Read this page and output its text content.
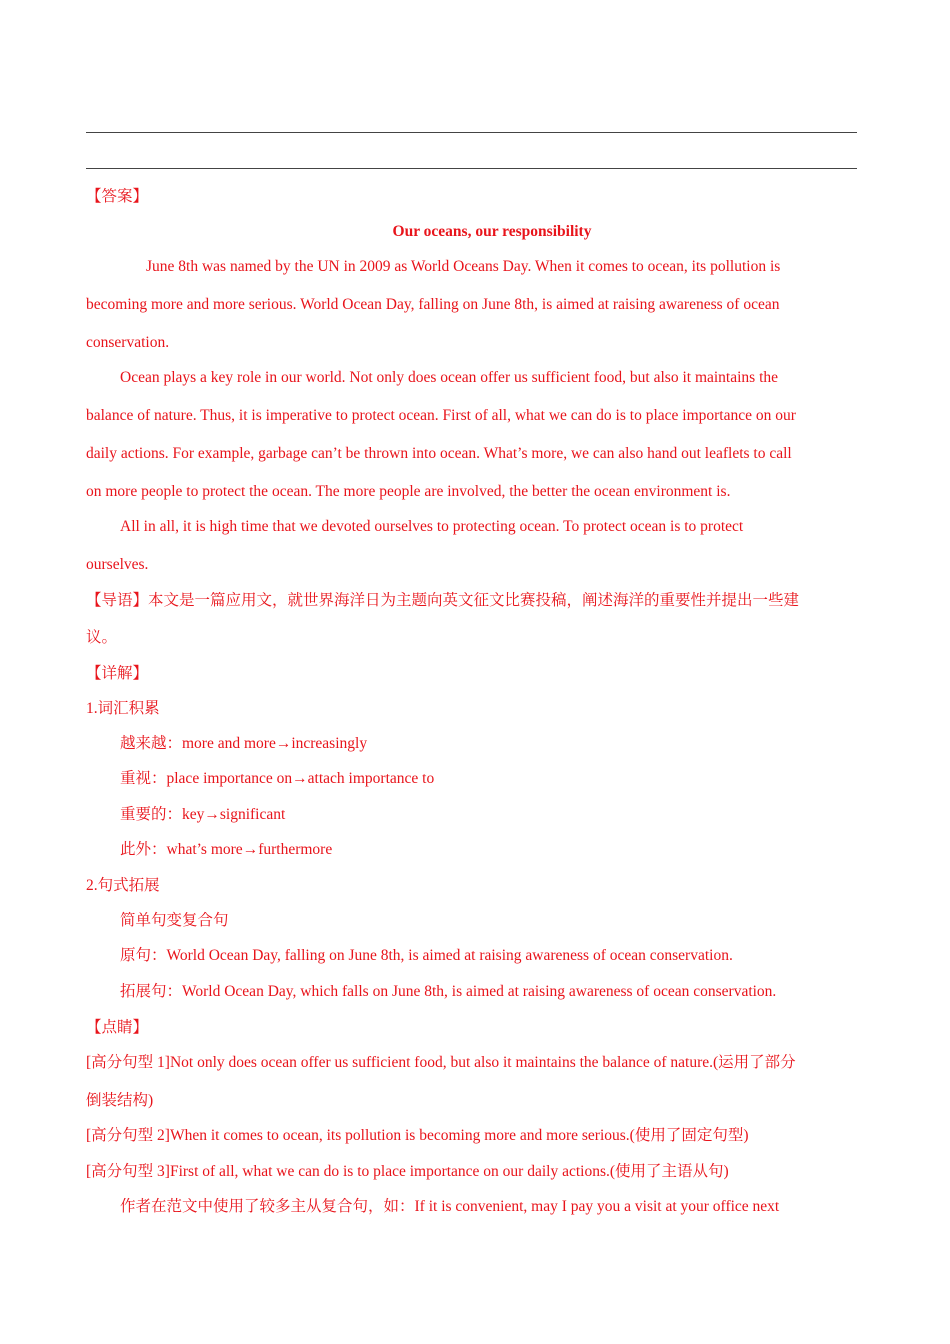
【答案】
Our oceans, our responsibility
June 8th was named by the UN in 2009 as World Oceans Day. When it comes to ocean, its pollution is
becoming more and more serious. World Ocean Day, falling on June 8th, is aimed at raising awareness of ocean
conservation.
Ocean plays a key role in our world. Not only does ocean offer us sufficient food, but also it maintains the
balance of nature. Thus, it is imperative to protect ocean. First of all, what we can do is to place importance on our
daily actions. For example, garbage can’t be thrown into ocean. What’s more, we can also hand out leaflets to call
on more people to protect the ocean. The more people are involved, the better the ocean environment is.
All in all, it is high time that we devoted ourselves to protecting ocean. To protect ocean is to protect
ourselves.
【导语】本文是一篇应用文，就世界海洋日为主题向英文征文比赛投稿，阐述海洋的重要性并提出一些建
议。
【详解】
1.词汇积累
越来越：more and more→increasingly
重视：place importance on→attach importance to
重要的：key→significant
此外：what’s more→furthermore
2.句式拓展
简单句变复合句
原句：World Ocean Day, falling on June 8th, is aimed at raising awareness of ocean conservation.
拓展句：World Ocean Day, which falls on June 8th, is aimed at raising awareness of ocean conservation.
【点睛】
[高分句型 1]Not only does ocean offer us sufficient food, but also it maintains the balance of nature.(运用了部分
倒装结构)
[高分句型 2]When it comes to ocean, its pollution is becoming more and more serious.(使用了固定句型)
[高分句型 3]First of all, what we can do is to place importance on our daily actions.(使用了主语从句)
作者在范文中使用了较多主从复合句，如：If it is convenient, may I pay you a visit at your office next
